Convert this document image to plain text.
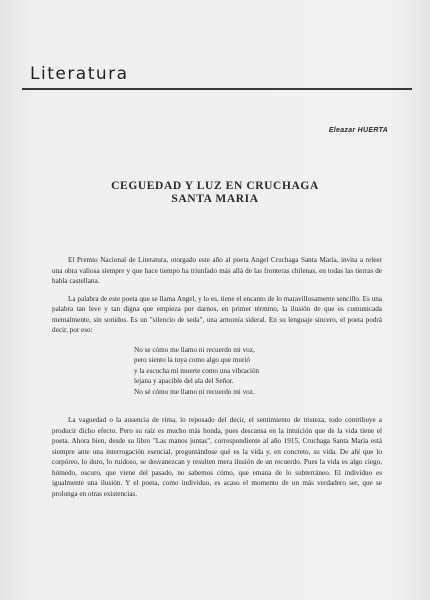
Literatura
Eleazar HUERTA
CEGUEDAD Y LUZ EN CRUCHAGA
SANTA MARIA

El Premio Nacional de Literatura, otorgado este año al poeta Angel Cruchaga Santa María, invita a releer una obra valiosa siempre y que hace tiempo ha triunfado más allá de las fronteras chilenas, en todas las tierras de habla castellana.

La palabra de este poeta que se llama Angel, y lo es, tiene el encanto de lo maravillosamente sencillo. Es una palabra tan leve y tan digna que empieza por darnos, en primer término, la ilusión de que es comunicada mentalmente, sin sonidos. Es un "silencio de seda", una armonía sideral. En su lenguaje sincero, el poeta podrá decir, por eso:

No se cómo me llamo ni recuerdo mi voz,
pero siento la tuya como algo que murió
y la escucha mi muerte como una vibración
lejana y apacible del ala del Señor.
No sé cómo me llamo ni recuerdo mi voz.

La vaguedad o la ausencia de rima, lo reposado del decir, el sentimiento de tristeza, todo contribuye a producir dicho efecto. Pero su raíz es mucho más honda, pues descansa en la intuición que de la vida tiene el poeta. Ahora bien, desde su libro "Las manos juntas", correspondiente al año 1915, Cruchaga Santa María está siempre ante una interrogación esencial, preguntándose qué es la vida y, en concreto, su vida. De ahí que lo corpóreo, lo duro, lo ruidoso, se desvanezcan y resulten mera ilusión de un recuerdo. Pues la vida es algo ciego, húmedo, oscuro, que viene del pasado, no sabemos cómo, que emana de lo subterráneo. El individuo es igualmente una ilusión. Y el poeta, como individuo, es acaso el momento de un más verdadero ser, que se prolonga en otras existencias.
